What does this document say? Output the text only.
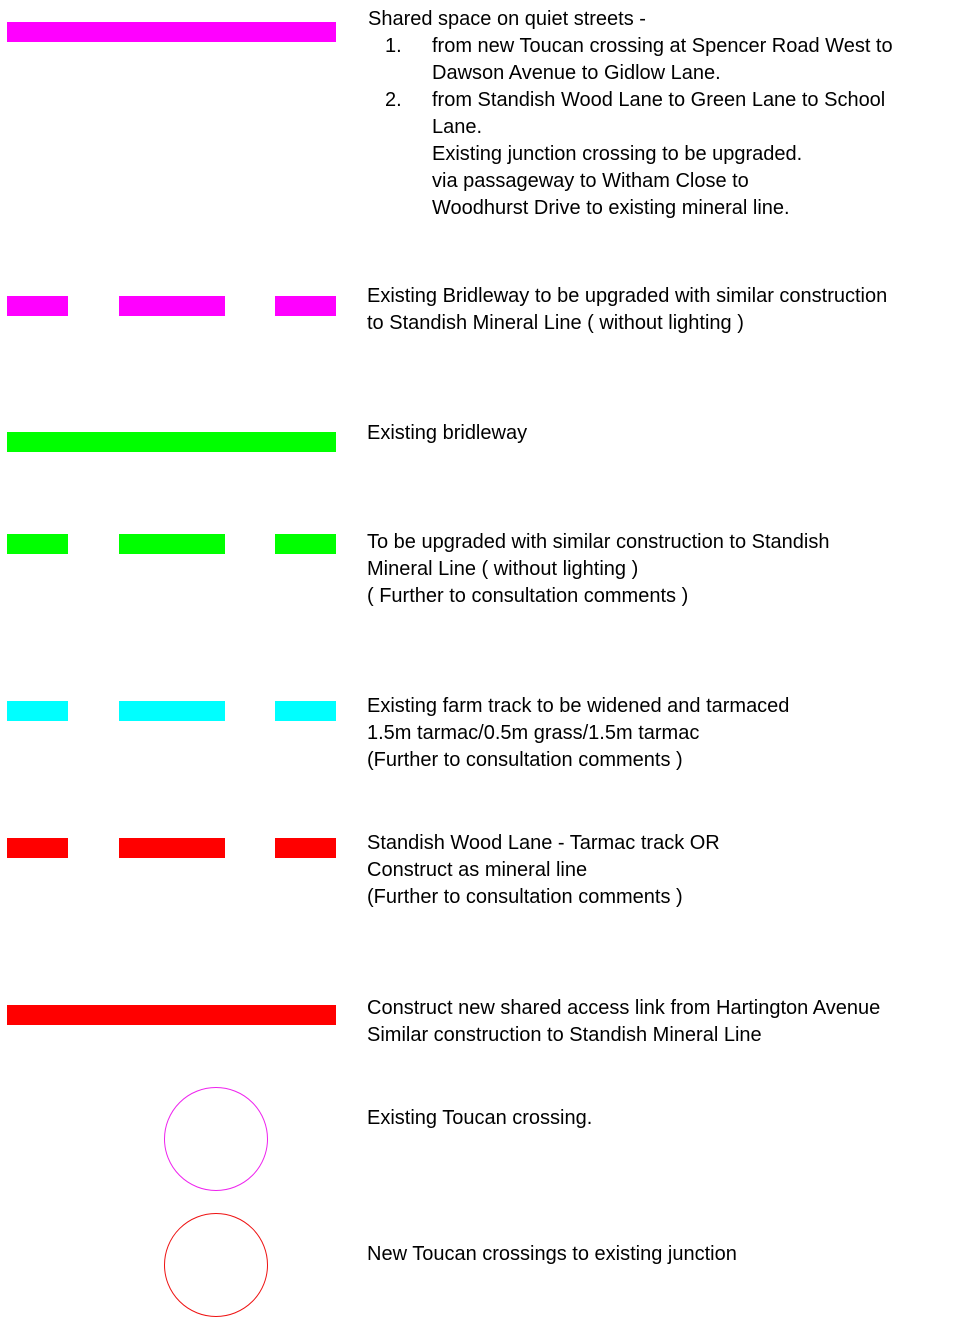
Shared space on quiet streets -
1. from new Toucan crossing at Spencer Road West to
Dawson Avenue to Gidlow Lane.
2. from Standish Wood Lane to Green Lane to School
Lane.
Existing junction crossing to be upgraded.
via passageway to Witham Close to
Woodhurst Drive to existing mineral line.
Existing Bridleway to be upgraded with similar construction
to Standish Mineral Line ( without lighting )
Existing bridleway
To be upgraded with similar construction to Standish
Mineral Line ( without lighting )
( Further to consultation comments )
Existing farm track to be widened and tarmaced
1.5m tarmac/0.5m grass/1.5m tarmac
(Further to consultation comments )
Standish Wood Lane - Tarmac track OR
Construct as mineral line
(Further to consultation comments )
Construct new shared access link from Hartington Avenue
Similar construction to Standish Mineral Line
Existing Toucan crossing.
New Toucan crossings to existing junction
